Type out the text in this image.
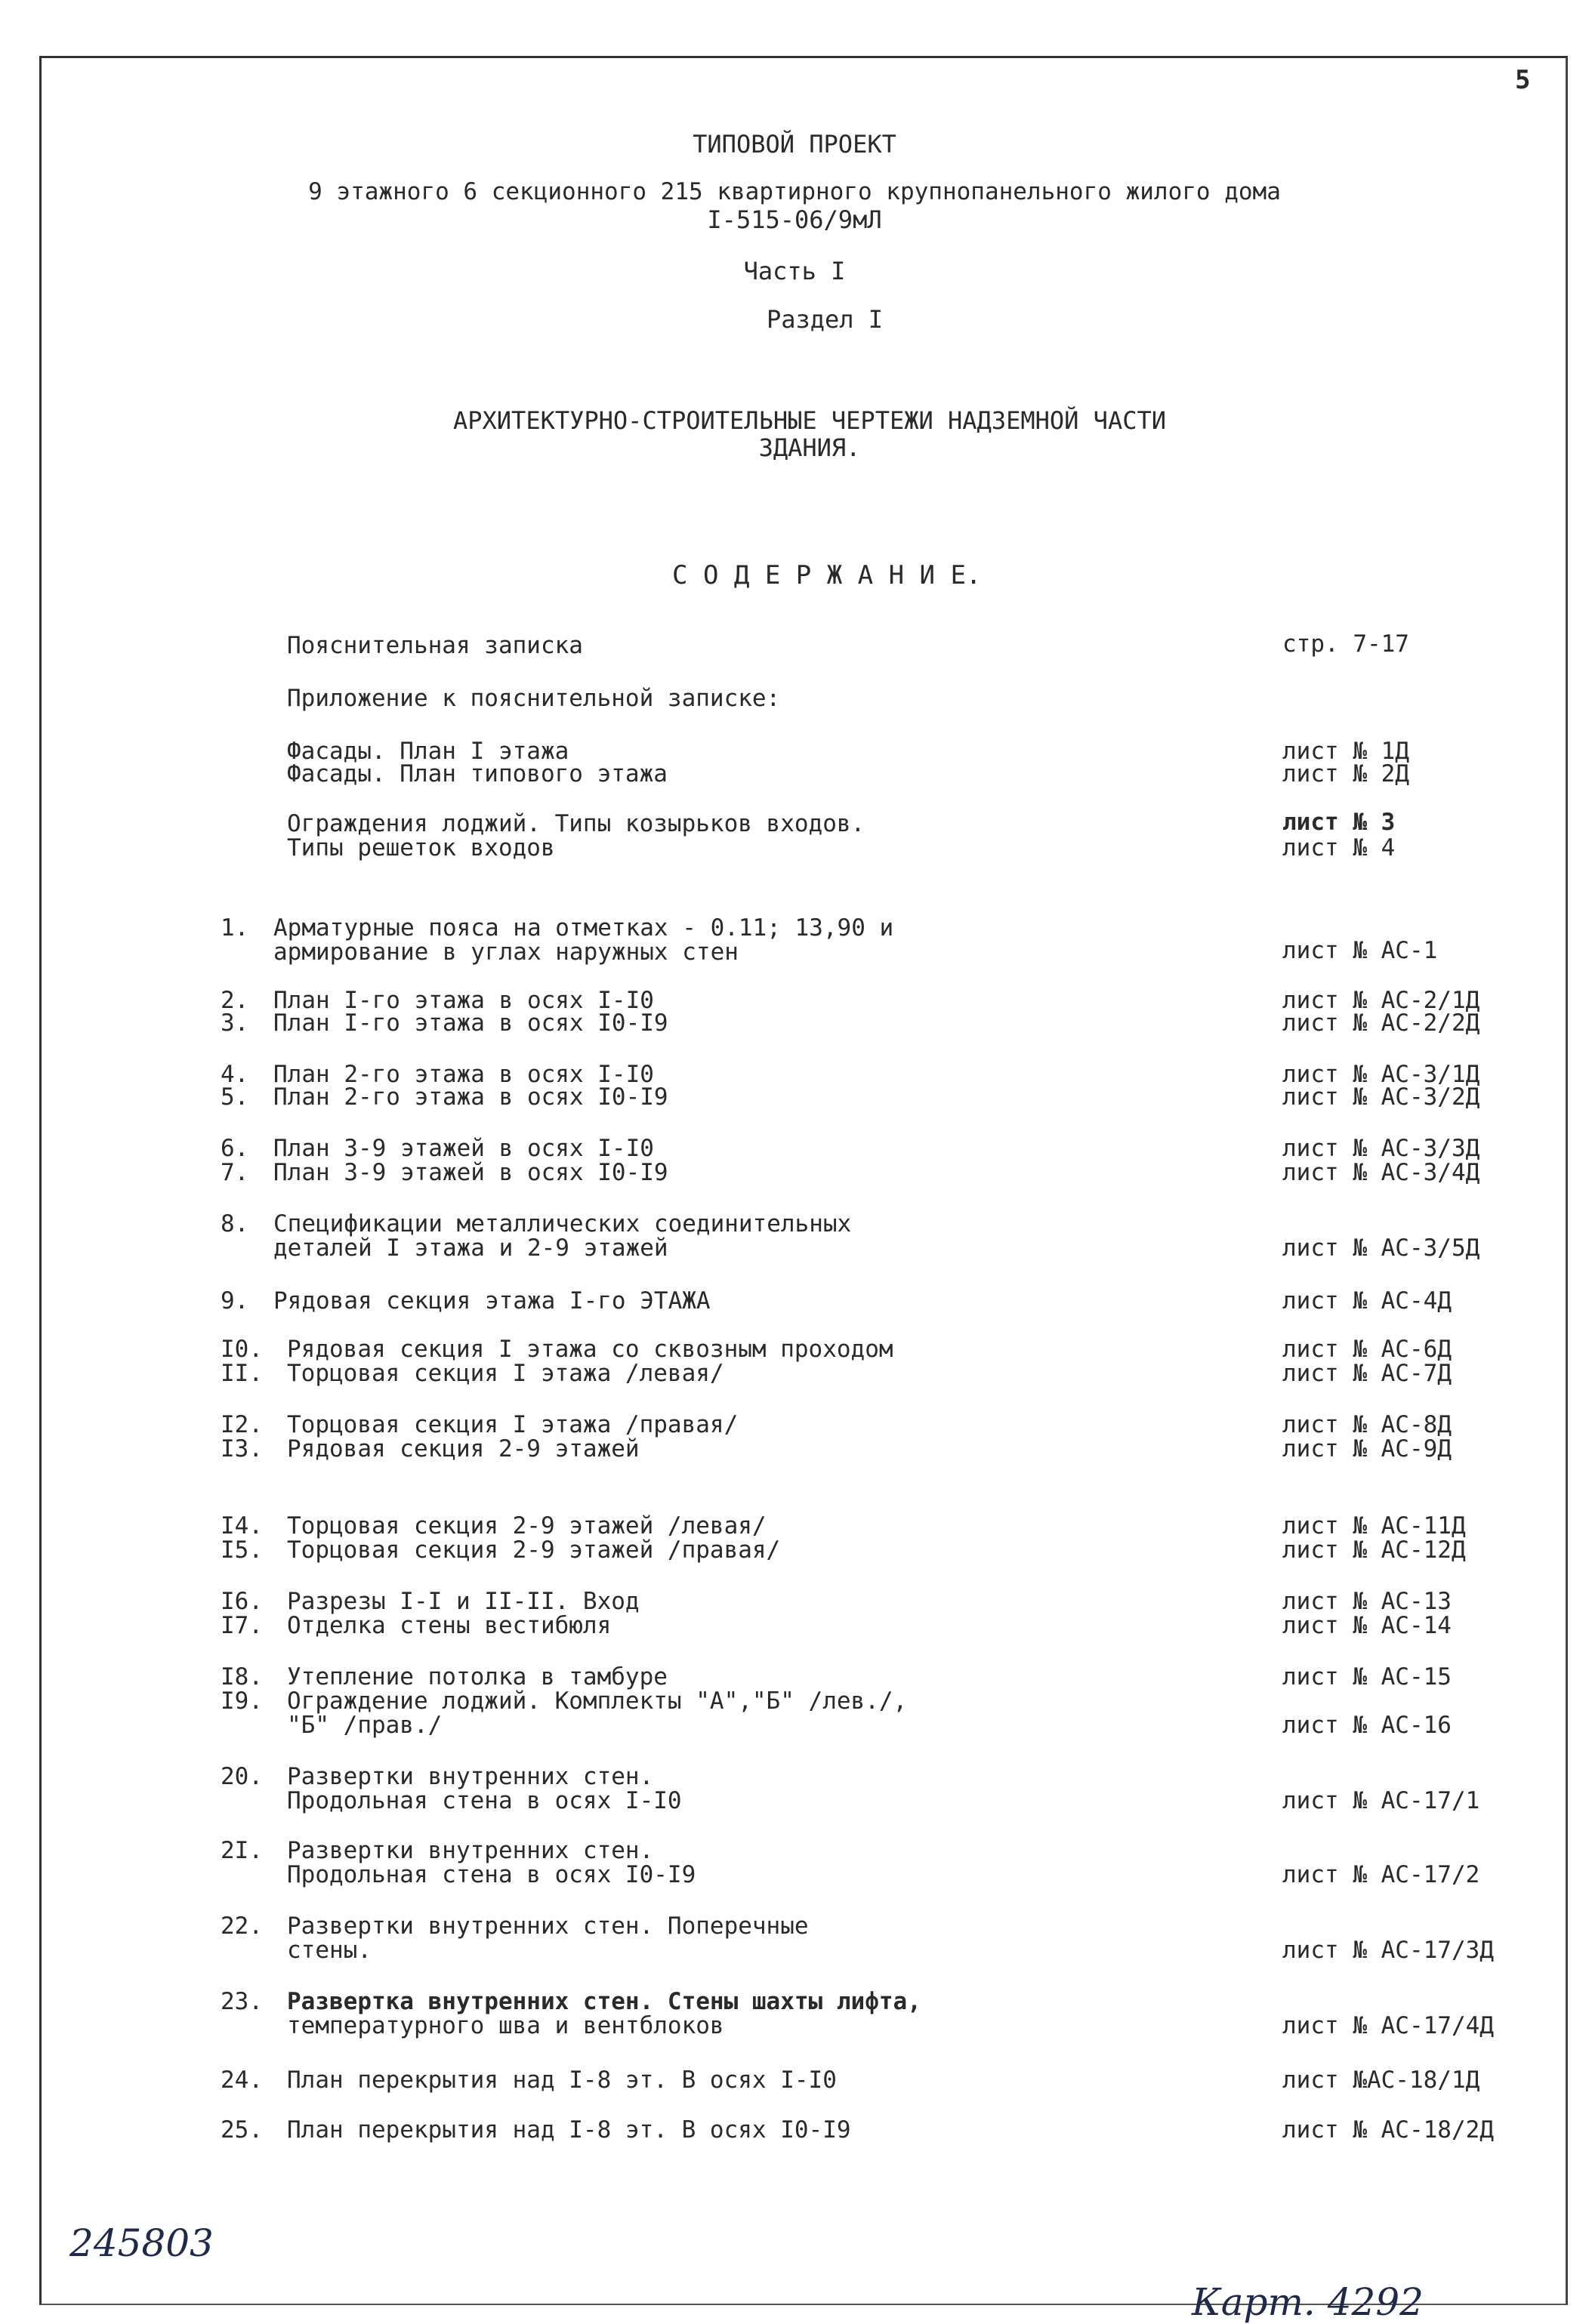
5
ТИПОВОЙ ПРОЕКТ
9 этажного 6 секционного 215 квартирного крупнопанельного жилого дома
I-515-06/9мЛ
Часть I
Раздел I
АРХИТЕКТУРНО-СТРОИТЕЛЬНЫЕ ЧЕРТЕЖИ НАДЗЕМНОЙ ЧАСТИ
ЗДАНИЯ.
С О Д Е Р Ж А Н И Е.
Пояснительная записка	стр. 7-17
Приложение к пояснительной записке:
Фасады. План I этажа	лист № 1Д
Фасады. План типового этажа	лист № 2Д
Ограждения лоджий. Типы козырьков входов.	лист № 3
Типы решеток входов	лист № 4
1. Арматурные пояса на отметках - 0.11; 13,90 и
армирование в углах наружных стен	лист № АС-1
2. План I-го этажа в осях I-I0	лист № АС-2/1Д
3. План I-го этажа в осях I0-I9	лист № АС-2/2Д
4. План 2-го этажа в осях I-I0	лист № АС-3/1Д
5. План 2-го этажа в осях I0-I9	лист № АС-3/2Д
6. План 3-9 этажей в осях I-I0	лист № АС-3/3Д
7. План 3-9 этажей в осях I0-I9	лист № АС-3/4Д
8. Спецификации металлических соединительных
деталей I этажа и 2-9 этажей	лист № АС-3/5Д
9. Рядовая секция этажа I-го ЭТАЖА	лист № АС-4Д
I0. Рядовая секция I этажа со сквозным проходом	лист № АС-6Д
II. Торцовая секция I этажа /левая/	лист № АС-7Д
I2. Торцовая секция I этажа /правая/	лист № АС-8Д
I3. Рядовая секция 2-9 этажей	лист № АС-9Д
I4. Торцовая секция 2-9 этажей /левая/	лист № АС-11Д
I5. Торцовая секция 2-9 этажей /правая/	лист № АС-12Д
I6. Разрезы I-I и II-II. Вход	лист № АС-13
I7. Отделка стены вестибюля	лист № АС-14
I8. Утепление потолка в тамбуре	лист № АС-15
I9. Ограждение лоджий. Комплекты "А","Б" /лев./,
"Б" /прав./	лист № АС-16
20. Развертки внутренних стен.
Продольная стена в осях I-I0	лист № АС-17/1
2I. Развертки внутренних стен.
Продольная стена в осях I0-I9	лист № АС-17/2
22. Развертки внутренних стен. Поперечные
стены.	лист № АС-17/3Д
23. Развертка внутренних стен. Стены шахты лифта,
температурного шва и вентблоков	лист № АС-17/4Д
24. План перекрытия над I-8 эт. В осях I-I0	лист №АС-18/1Д
25. План перекрытия над I-8 эт. В осях I0-I9	лист № АС-18/2Д
245803
Карт. 4292
